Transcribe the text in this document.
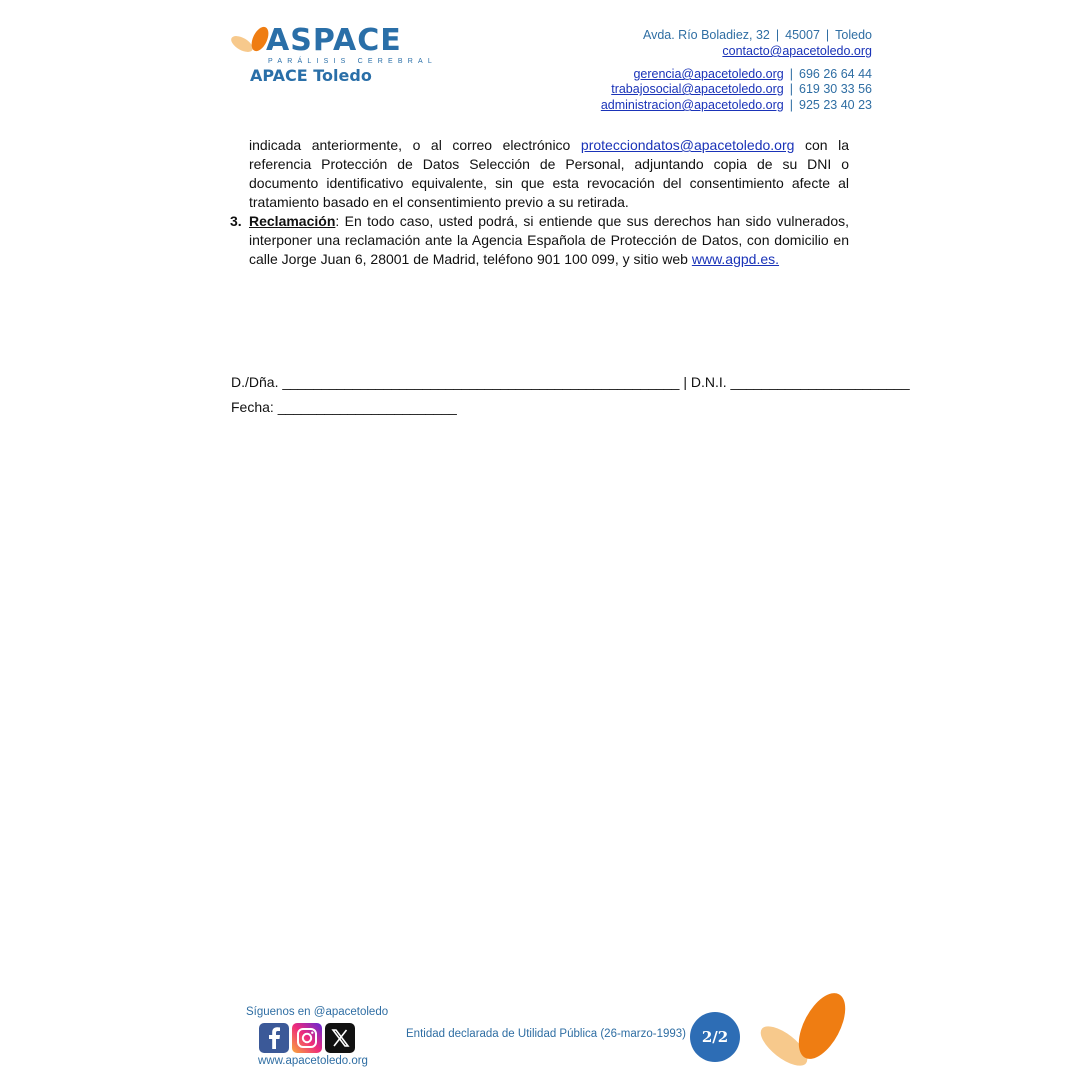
ASPACE
PARÁLISIS CEREBRAL
APACE Toledo
Avda. Río Boladiez, 32 | 45007 | Toledo
contacto@apacetoledo.org
gerencia@apacetoledo.org | 696 26 64 44
trabajosocial@apacetoledo.org | 619 30 33 56
administracion@apacetoledo.org | 925 23 40 23
indicada anteriormente, o al correo electrónico protecciondatos@apacetoledo.org con la referencia Protección de Datos Selección de Personal, adjuntando copia de su DNI o documento identificativo equivalente, sin que esta revocación del consentimiento afecte al tratamiento basado en el consentimiento previo a su retirada.
3. Reclamación: En todo caso, usted podrá, si entiende que sus derechos han sido vulnerados, interponer una reclamación ante la Agencia Española de Protección de Datos, con domicilio en calle Jorge Juan 6, 28001 de Madrid, teléfono 901 100 099, y sitio web www.agpd.es.
D./Dña. ___________________________________________________ | D.N.I. _______________________
Fecha: _______________________
Síguenos en @apacetoledo
www.apacetoledo.org
Entidad declarada de Utilidad Pública (26-marzo-1993)	2/2
